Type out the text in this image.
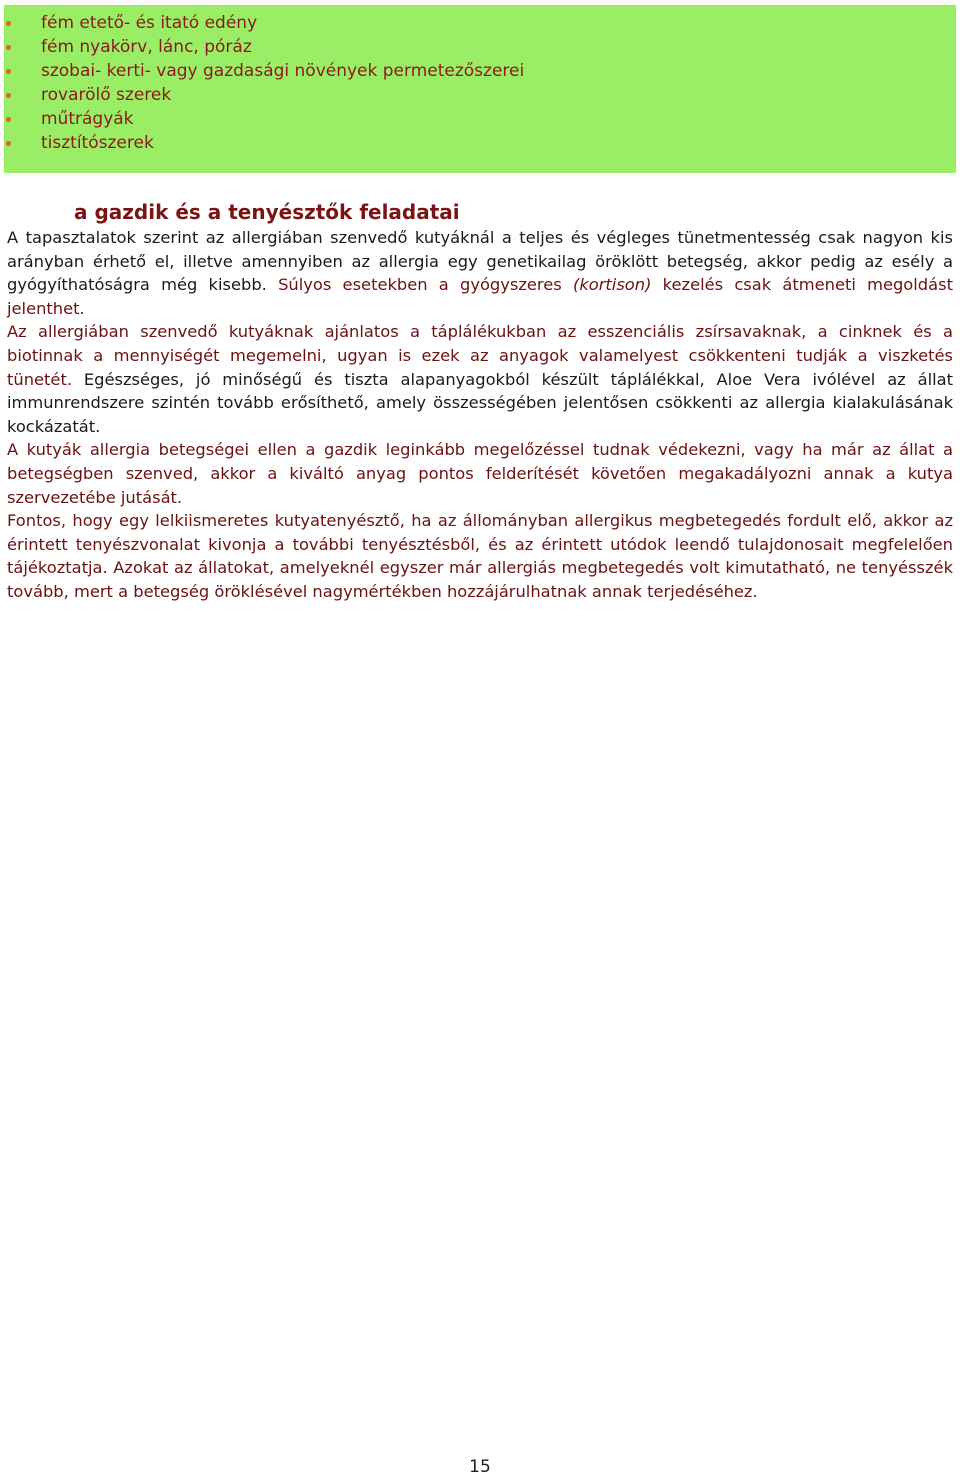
fém etető- és itató edény
fém nyakörv, lánc, póráz
szobai- kerti- vagy gazdasági növények permetezőszerei
rovarölő szerek
műtrágyák
tisztítószerek
a gazdik és a tenyésztők feladatai

A tapasztalatok szerint az allergiában szenvedő kutyáknál a teljes és végleges tünetmentesség csak nagyon kis arányban érhető el, illetve amennyiben az allergia egy genetikailag öröklött betegség, akkor pedig az esély a gyógyíthatóságra még kisebb. Súlyos esetekben a gyógyszeres (kortison) kezelés csak átmeneti megoldást jelenthet.

Az allergiában szenvedő kutyáknak ajánlatos a táplálékukban az esszenciális zsírsavaknak, a cinknek és a biotinnak a mennyiségét megemelni, ugyan is ezek az anyagok valamelyest csökkenteni tudják a viszketés tünetét. Egészséges, jó minőségű és tiszta alapanyagokból készült táplálékkal, Aloe Vera ivólével az állat immunrendszere szintén tovább erősíthető, amely összességében jelentősen csökkenti az allergia kialakulásának kockázatát.

A kutyák allergia betegségei ellen a gazdik leginkább megelőzéssel tudnak védekezni, vagy ha már az állat a betegségben szenved, akkor a kiváltó anyag pontos felderítését követően megakadályozni annak a kutya szervezetébe jutását.

Fontos, hogy egy lelkiismeretes kutyatenyésztő, ha az állományban allergikus megbetegedés fordult elő, akkor az érintett tenyészvonalat kivonja a további tenyésztésből, és az érintett utódok leendő tulajdonosait megfelelően tájékoztatja. Azokat az állatokat, amelyeknél egyszer már allergiás megbetegedés volt kimutatható, ne tenyésszék tovább, mert a betegség öröklésével nagymértékben hozzájárulhatnak annak terjedéséhez.

15
